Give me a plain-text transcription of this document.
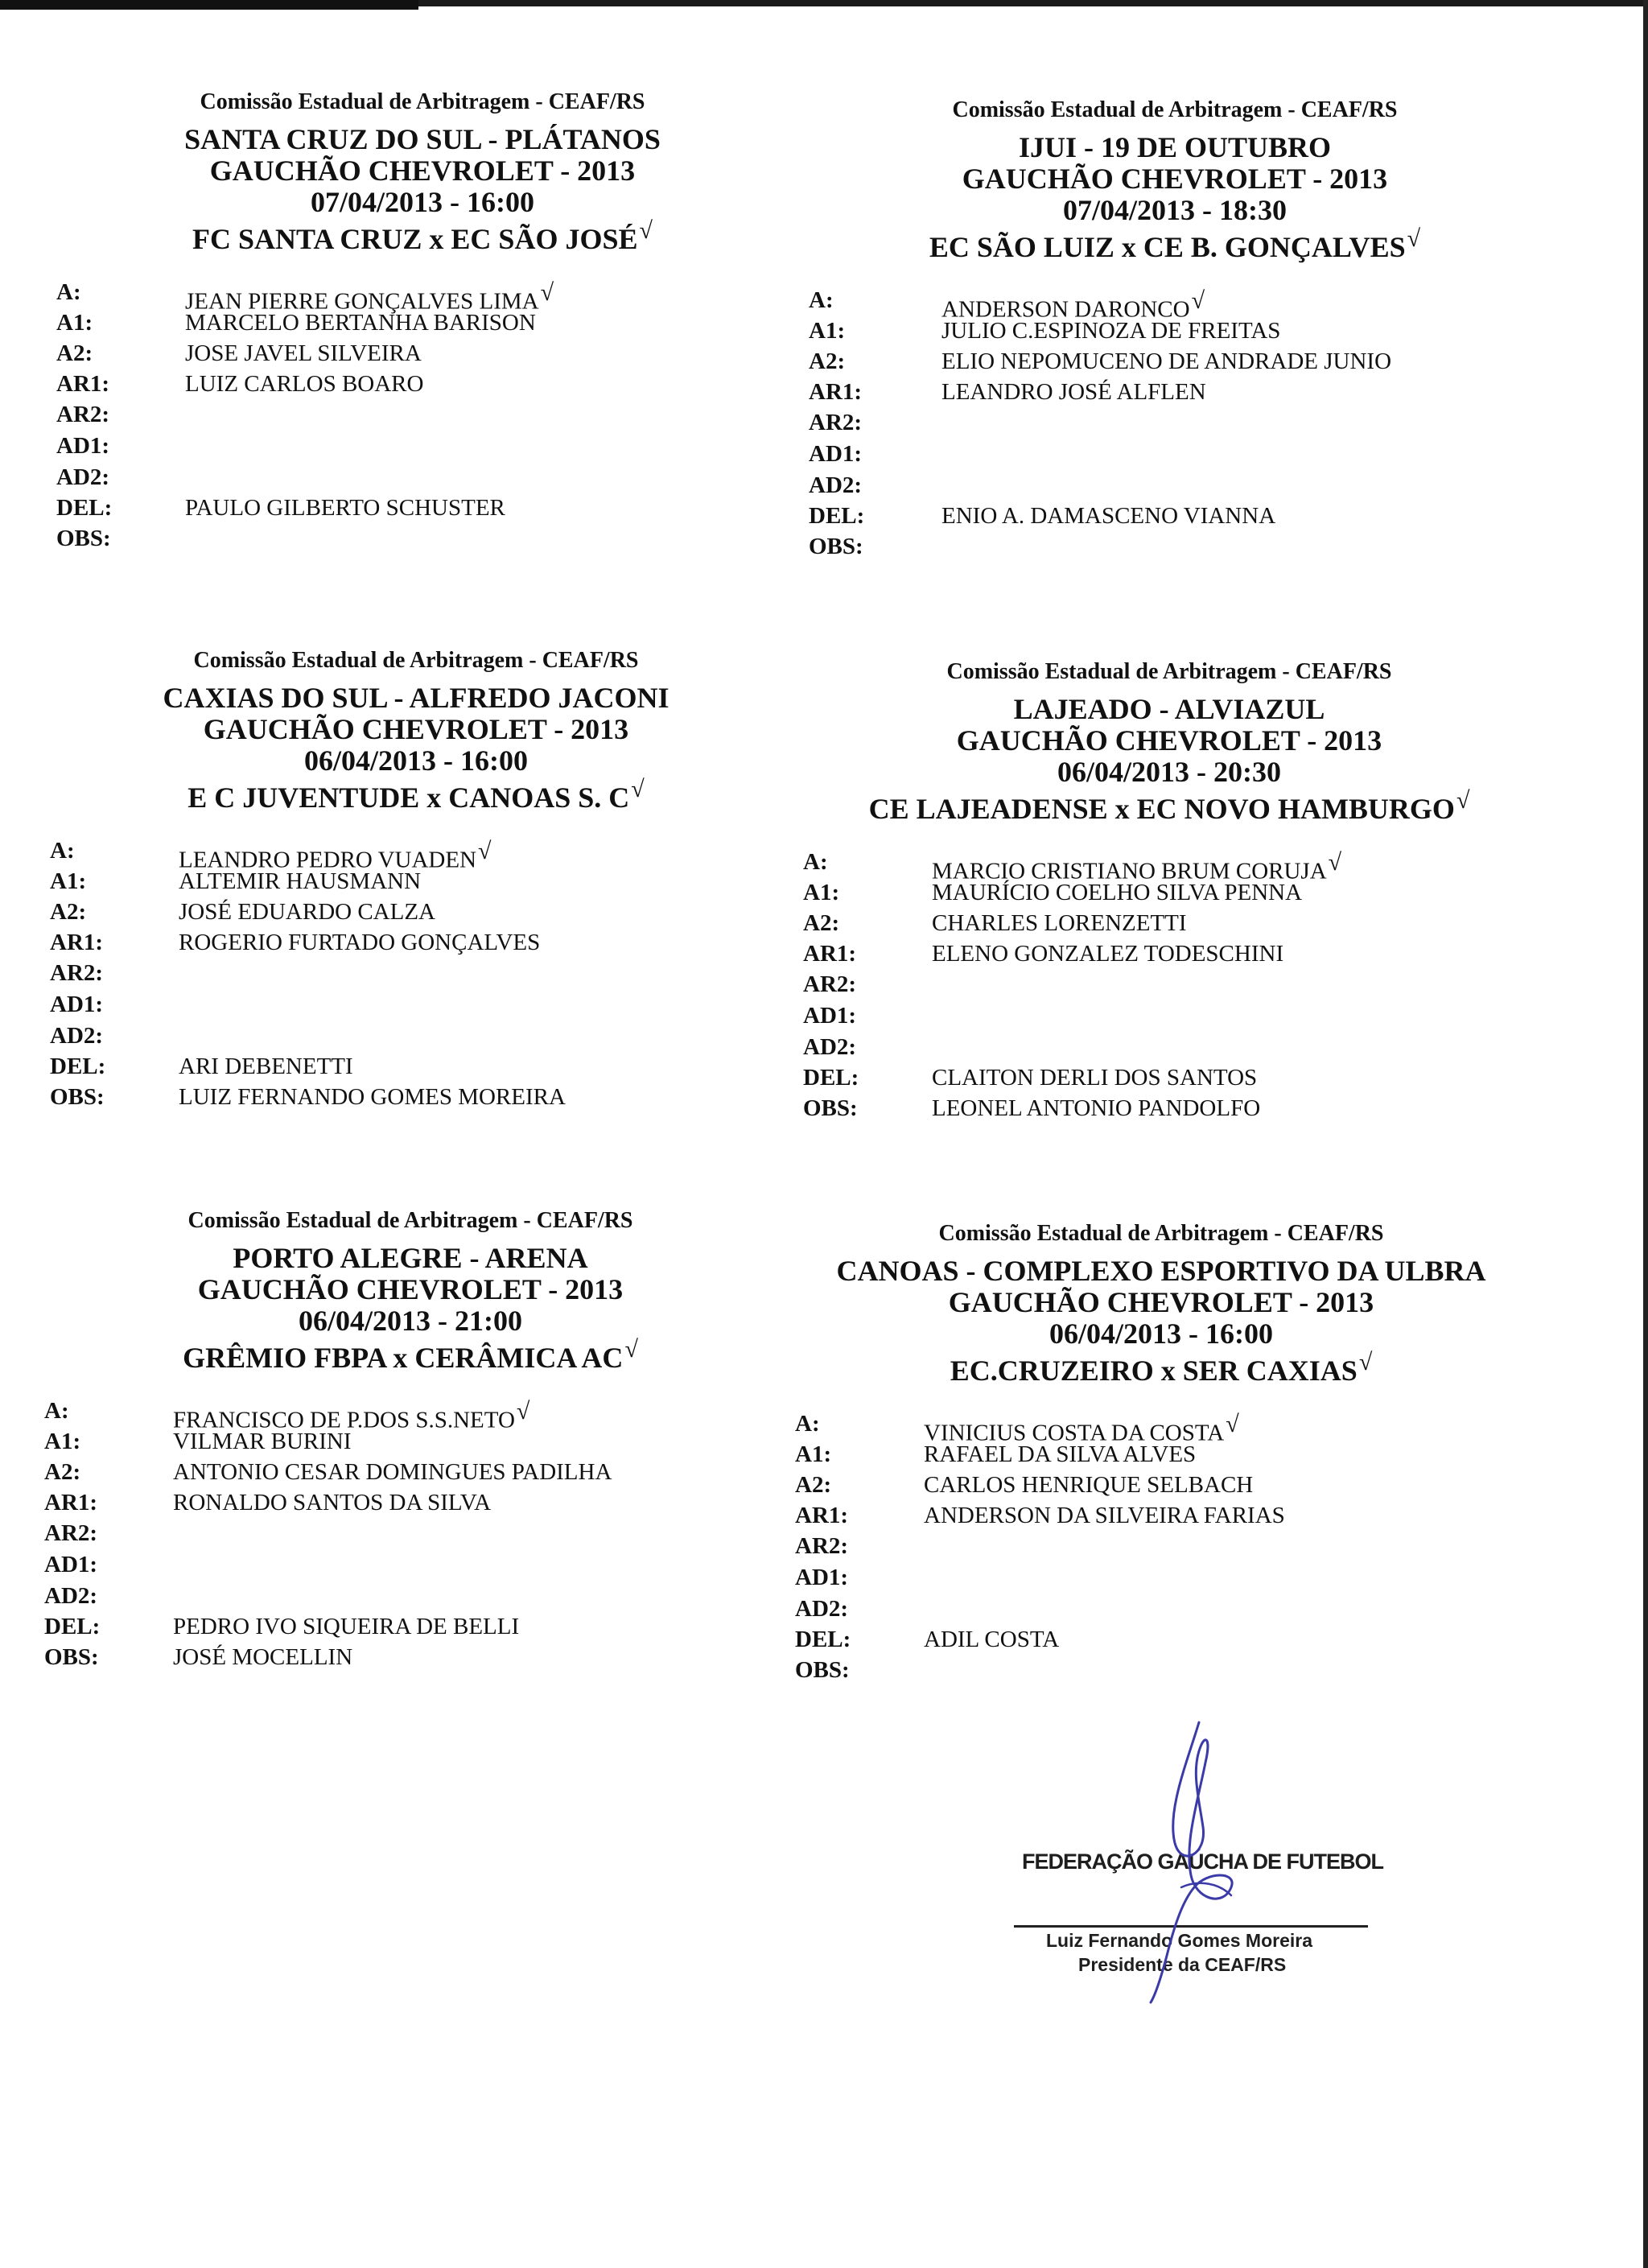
Comissão Estadual de Arbitragem - CEAF/RS
SANTA CRUZ DO SUL - PLÁTANOS
GAUCHÃO CHEVROLET - 2013
07/04/2013 - 16:00
FC SANTA CRUZ x EC SÃO JOSÉ√
A:	JEAN PIERRE GONÇALVES LIMA√
A1:	MARCELO BERTANHA BARISON
A2:	JOSE JAVEL SILVEIRA
AR1:	LUIZ CARLOS BOARO
AR2:
AD1:
AD2:
DEL:	PAULO GILBERTO SCHUSTER
OBS:
Comissão Estadual de Arbitragem - CEAF/RS
IJUI - 19 DE OUTUBRO
GAUCHÃO CHEVROLET - 2013
07/04/2013 - 18:30
EC SÃO LUIZ x CE B. GONÇALVES√
A:	ANDERSON DARONCO√
A1:	JULIO C.ESPINOZA DE FREITAS
A2:	ELIO NEPOMUCENO DE ANDRADE JUNIO
AR1:	LEANDRO JOSÉ ALFLEN
AR2:
AD1:
AD2:
DEL:	ENIO A. DAMASCENO VIANNA
OBS:
Comissão Estadual de Arbitragem - CEAF/RS
CAXIAS DO SUL - ALFREDO JACONI
GAUCHÃO CHEVROLET - 2013
06/04/2013 - 16:00
E C JUVENTUDE x CANOAS S. C√
A:	LEANDRO PEDRO VUADEN√
A1:	ALTEMIR HAUSMANN
A2:	JOSÉ EDUARDO CALZA
AR1:	ROGERIO FURTADO GONÇALVES
AR2:
AD1:
AD2:
DEL:	ARI DEBENETTI
OBS:	LUIZ FERNANDO GOMES MOREIRA
Comissão Estadual de Arbitragem - CEAF/RS
LAJEADO - ALVIAZUL
GAUCHÃO CHEVROLET - 2013
06/04/2013 - 20:30
CE LAJEADENSE x EC NOVO HAMBURGO√
A:	MARCIO CRISTIANO BRUM CORUJA√
A1:	MAURÍCIO COELHO SILVA PENNA
A2:	CHARLES LORENZETTI
AR1:	ELENO GONZALEZ TODESCHINI
AR2:
AD1:
AD2:
DEL:	CLAITON DERLI DOS SANTOS
OBS:	LEONEL ANTONIO PANDOLFO
Comissão Estadual de Arbitragem - CEAF/RS
PORTO ALEGRE - ARENA
GAUCHÃO CHEVROLET - 2013
06/04/2013 - 21:00
GRÊMIO FBPA x CERÂMICA AC√
A:	FRANCISCO DE P.DOS S.S.NETO√
A1:	VILMAR BURINI
A2:	ANTONIO CESAR DOMINGUES PADILHA
AR1:	RONALDO SANTOS DA SILVA
AR2:
AD1:
AD2:
DEL:	PEDRO IVO SIQUEIRA DE BELLI
OBS:	JOSÉ MOCELLIN
Comissão Estadual de Arbitragem - CEAF/RS
CANOAS - COMPLEXO ESPORTIVO DA ULBRA
GAUCHÃO CHEVROLET - 2013
06/04/2013 - 16:00
EC.CRUZEIRO x SER CAXIAS√
A:	VINICIUS COSTA DA COSTA√
A1:	RAFAEL DA SILVA ALVES
A2:	CARLOS HENRIQUE SELBACH
AR1:	ANDERSON DA SILVEIRA FARIAS
AR2:
AD1:
AD2:
DEL:	ADIL COSTA
OBS:
FEDERAÇÃO GAÚCHA DE FUTEBOL
Luiz Fernando Gomes Moreira
Presidente da CEAF/RS
